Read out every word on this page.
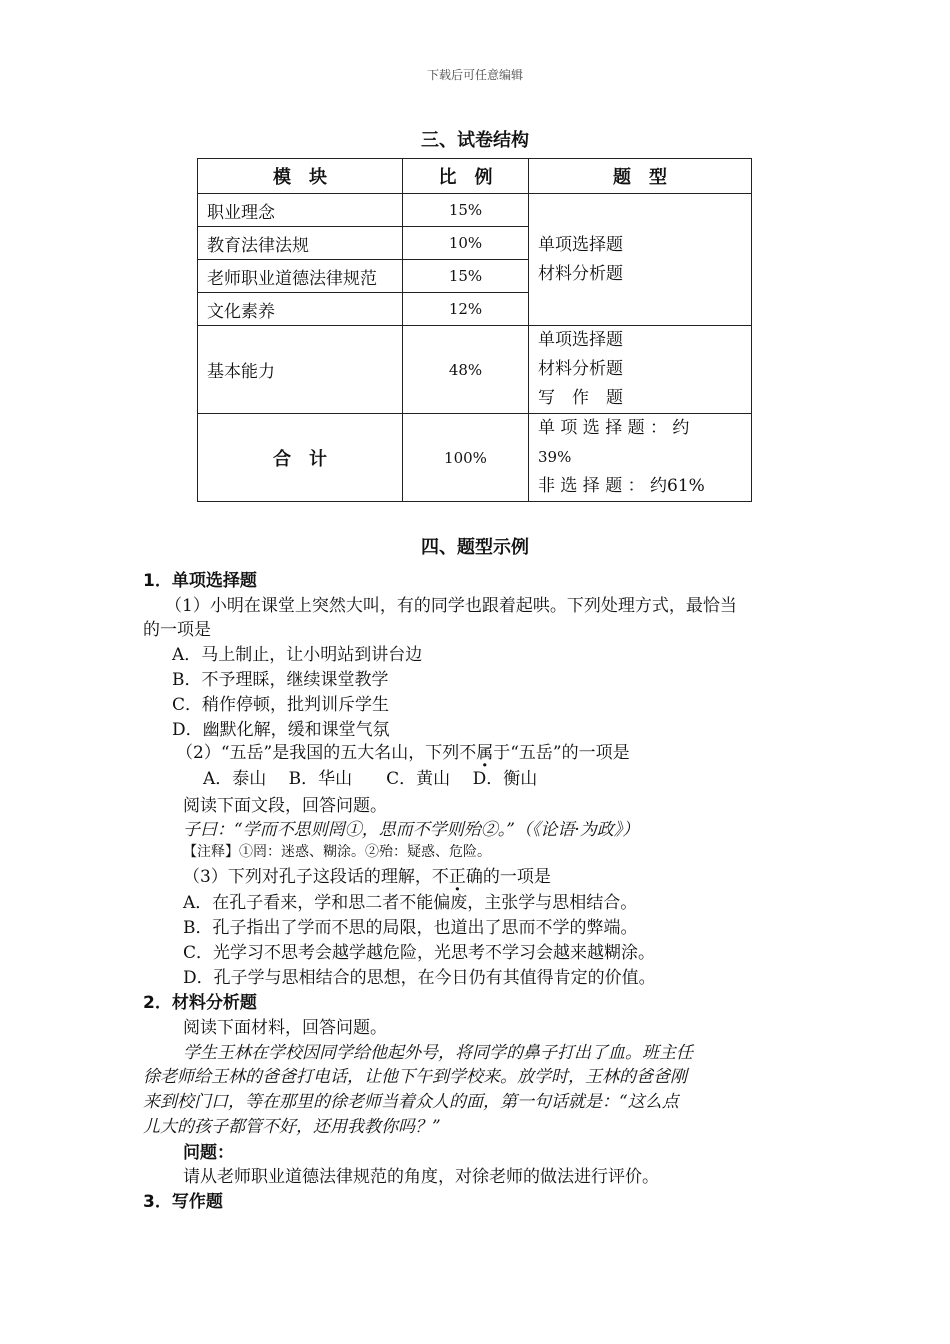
下载后可任意编辑
三、试卷结构
模　块	比　例	题　型
职业理念	15%	单项选择题
材料分析题

教育法律法规	10%	
老师职业道德法律规范	15%	
文化素养	12%	
基本能力	48%	单项选择题
材料分析题
写　作　题

合　计	100%	单 项 选 择 题 ： 约
39%
非 选 择 题 ： 约61%
四、题型示例
1．单项选择题
（1）小明在课堂上突然大叫，有的同学也跟着起哄。下列处理方式，最恰当
的一项是
A．马上制止，让小明站到讲台边
B．不予理睬，继续课堂教学
C．稍作停顿，批判训斥学生
D．幽默化解，缓和课堂气氛
（2）“五岳”是我国的五大名山，下列不属于“五岳”的一项是
A．泰山　 B．华山　　C．黄山　 D．衡山
阅读下面文段，回答问题。
子曰：“学而不思则罔①，思而不学则殆②。”（《论语·为政》）
【注释】①罔：迷惑、糊涂。②殆：疑惑、危险。
（3）下列对孔子这段话的理解，不正确的一项是
A．在孔子看来，学和思二者不能偏废，主张学与思相结合。
B．孔子指出了学而不思的局限，也道出了思而不学的弊端。
C．光学习不思考会越学越危险，光思考不学习会越来越糊涂。
D．孔子学与思相结合的思想，在今日仍有其值得肯定的价值。
2．材料分析题
阅读下面材料，回答问题。
学生王林在学校因同学给他起外号，将同学的鼻子打出了血。班主任
徐老师给王林的爸爸打电话，让他下午到学校来。放学时，王林的爸爸刚
来到校门口，等在那里的徐老师当着众人的面，第一句话就是：“这么点
儿大的孩子都管不好，还用我教你吗？”
问题：
请从老师职业道德法律规范的角度，对徐老师的做法进行评价。
3．写作题
